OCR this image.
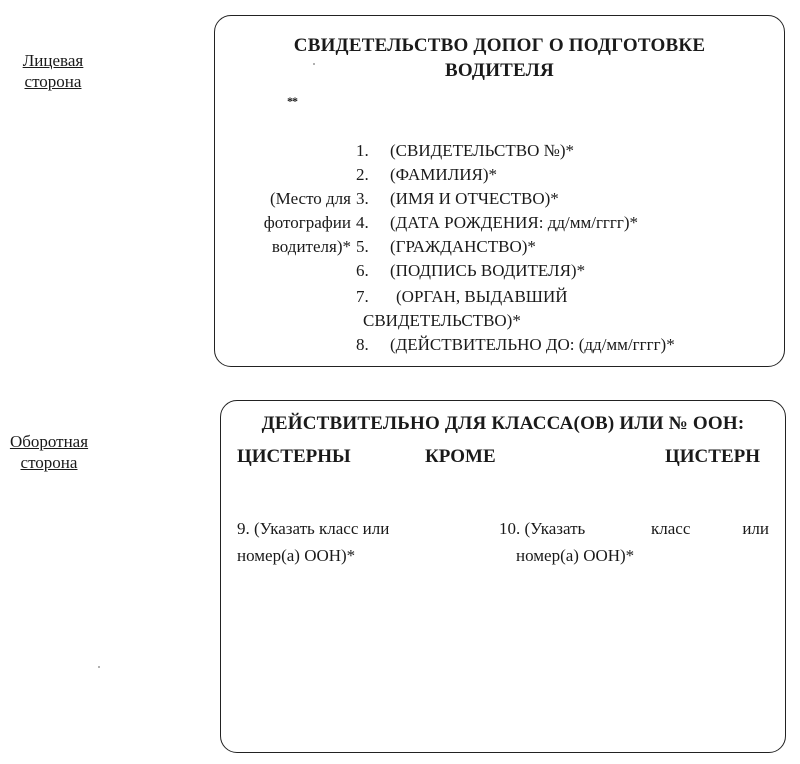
Лицевая
сторона
Оборотная
сторона
СВИДЕТЕЛЬСТВО ДОПОГ О ПОДГОТОВКЕ
ВОДИТЕЛЯ
**
(Место для
фотографии
водителя)*
1. (СВИДЕТЕЛЬСТВО №)*
2. (ФАМИЛИЯ)*
3. (ИМЯ И ОТЧЕСТВО)*
4. (ДАТА РОЖДЕНИЯ: дд/мм/гггг)*
5. (ГРАЖДАНСТВО)*
6. (ПОДПИСЬ ВОДИТЕЛЯ)*
7. (ОРГАН, ВЫДАВШИЙ
СВИДЕТЕЛЬСТВО)*
8. (ДЕЙСТВИТЕЛЬНО ДО: (дд/мм/гггг)*
ДЕЙСТВИТЕЛЬНО ДЛЯ КЛАССА(ОВ) ИЛИ № ООН:
ЦИСТЕРНЫ	КРОМЕ	ЦИСТЕРН
9. (Указать класс или
номер(а) ООН)*
10. (Указать	класс	или
номер(а) ООН)*
